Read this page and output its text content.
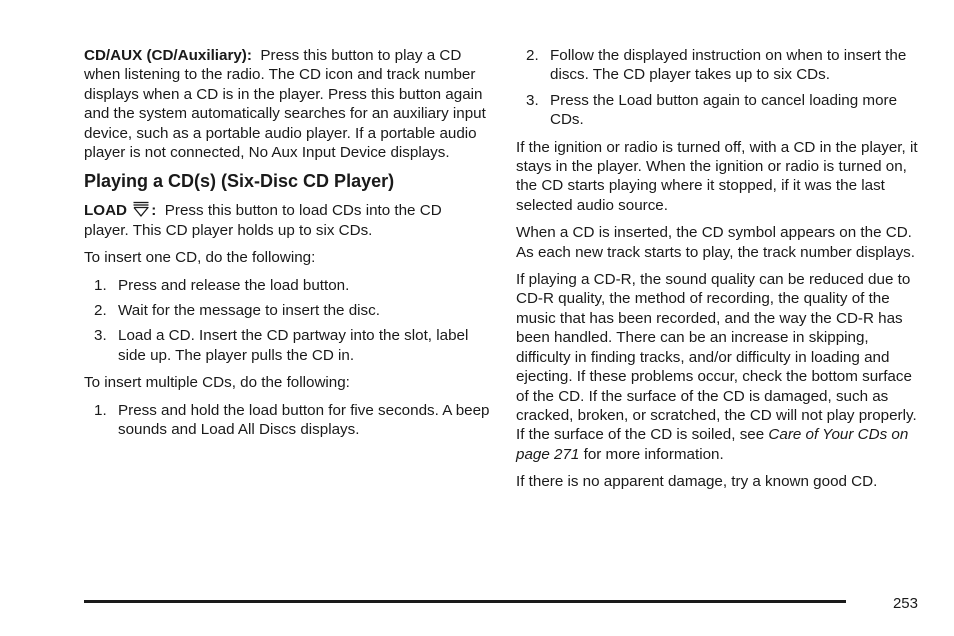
CD/AUX (CD/Auxiliary): Press this button to play a CD when listening to the radio. The CD icon and track number displays when a CD is in the player. Press this button again and the system automatically searches for an auxiliary input device, such as a portable audio player. If a portable audio player is not connected, No Aux Input Device displays.

Playing a CD(s) (Six-Disc CD Player)

LOAD : Press this button to load CDs into the CD player. This CD player holds up to six CDs.

To insert one CD, do the following:

1. Press and release the load button.
2. Wait for the message to insert the disc.
3. Load a CD. Insert the CD partway into the slot, label side up. The player pulls the CD in.

To insert multiple CDs, do the following:

1. Press and hold the load button for five seconds. A beep sounds and Load All Discs displays.
2. Follow the displayed instruction on when to insert the discs. The CD player takes up to six CDs.
3. Press the Load button again to cancel loading more CDs.

If the ignition or radio is turned off, with a CD in the player, it stays in the player. When the ignition or radio is turned on, the CD starts playing where it stopped, if it was the last selected audio source.

When a CD is inserted, the CD symbol appears on the CD. As each new track starts to play, the track number displays.

If playing a CD-R, the sound quality can be reduced due to CD-R quality, the method of recording, the quality of the music that has been recorded, and the way the CD-R has been handled. There can be an increase in skipping, difficulty in finding tracks, and/or difficulty in loading and ejecting. If these problems occur, check the bottom surface of the CD. If the surface of the CD is damaged, such as cracked, broken, or scratched, the CD will not play properly. If the surface of the CD is soiled, see Care of Your CDs on page 271 for more information.

If there is no apparent damage, try a known good CD.

253
